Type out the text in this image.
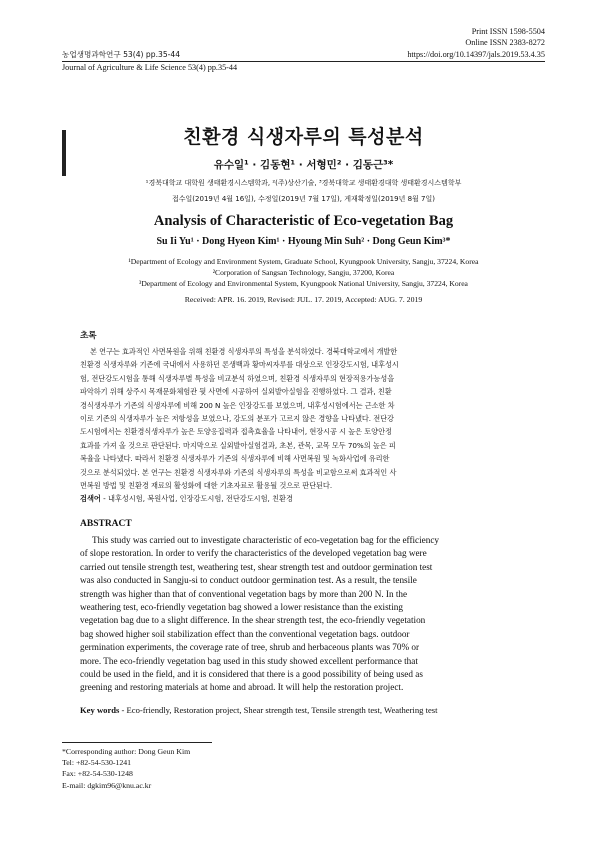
Print ISSN 1598-5504
Online ISSN 2383-8272
농업생명과학연구 53(4) pp.35-44	https://doi.org/10.14397/jals.2019.53.4.35
Journal of Agriculture & Life Science 53(4) pp.35-44
친환경 식생자루의 특성분석
유수일¹ · 김동현¹ · 서형민² · 김동근³*
¹경북대학교 대학원 생태환경시스템학과, ²(주)상산기술, ³경북대학교 생태환경대학 생태환경시스템학부
접수일(2019년 4월 16일), 수정일(2019년 7월 17일), 게재확정일(2019년 8월 7일)
Analysis of Characteristic of Eco-vegetation Bag
Su Ii Yu¹ · Dong Hyeon Kim¹ · Hyoung Min Suh² · Dong Geun Kim³*
¹Department of Ecology and Environment System, Graduate School, Kyungpook University, Sangju, 37224, Korea
²Corporation of Sangsan Technology, Sangju, 37200, Korea
³Department of Ecology and Environmental System, Kyungpook National University, Sangju, 37224, Korea
Received: APR. 16. 2019, Revised: JUL. 17. 2019, Accepted: AUG. 7. 2019
초록
본 연구는 효과적인 사면복원을 위해 친환경 식생자루의 특성을 분석하였다. 경북대학교에서 개발한
친환경 식생자루와 기존에 국내에서 사용하던 론생백과 황마씨자루를 대상으로 인장강도시험, 내후성시
험, 전단강도시험을 통해 식생자루별 특성을 비교분석 하였으며, 친환경 식생자루의 현장적용가능성을
파악하기 위해 상주시 목재문화체험관 뒷 사면에 시공하여 실외발아실험을 진행하였다. 그 결과, 친환
경식생자루가 기존의 식생자루에 비해 200 N 높은 인장강도를 보였으며, 내후성시험에서는 근소한 차
이로 기존의 식생자루가 높은 저항성을 보였으나, 강도의 분포가 고르지 않은 경향을 나타냈다. 전단강
도시험에서는 친환경식생자루가 높은 토양응집력과 접촉효율을 나타내어, 현장시공 시 높은 토양안정
효과를 가져 올 것으로 판단된다. 마지막으로 실외발아실험결과, 초본, 관목, 교목 모두 70%의 높은 피
복율을 나타냈다. 따라서 친환경 식생자루가 기존의 식생자루에 비해 사면복원 및 녹화사업에 유리한
것으로 분석되었다. 본 연구는 친환경 식생자루와 기존의 식생자루의 특성을 비교함으로써 효과적인 사
면복원 방법 및 친환경 재료의 활성화에 대한 기초자료로 활용될 것으로 판단된다.
검색어 - 내후성시험, 복원사업, 인장강도시험, 전단강도시험, 친환경
ABSTRACT
This study was carried out to investigate characteristic of eco-vegetation bag for the efficiency
of slope restoration. In order to verify the characteristics of the developed vegetation bag were
carried out tensile strength test, weathering test, shear strength test and outdoor germination test
was also conducted in Sangju-si to conduct outdoor germination test. As a result, the tensile
strength was higher than that of conventional vegetation bags by more than 200 N. In the
weathering test, eco-friendly vegetation bag showed a lower resistance than the existing
vegetation bag due to a slight difference. In the shear strength test, the eco-friendly vegetation
bag showed higher soil stabilization effect than the conventional vegetation bags. outdoor
germination experiments, the coverage rate of tree, shrub and herbaceous plants was 70% or
more. The eco-friendly vegetation bag used in this study showed excellent performance that
could be used in the field, and it is considered that there is a good possibility of being used as
greening and restoring materials at home and abroad. It will help the restoration project.
Key words - Eco-friendly, Restoration project, Shear strength test, Tensile strength test, Weathering test
*Corresponding author: Dong Geun Kim
Tel: +82-54-530-1241
Fax: +82-54-530-1248
E-mail: dgkim96@knu.ac.kr
